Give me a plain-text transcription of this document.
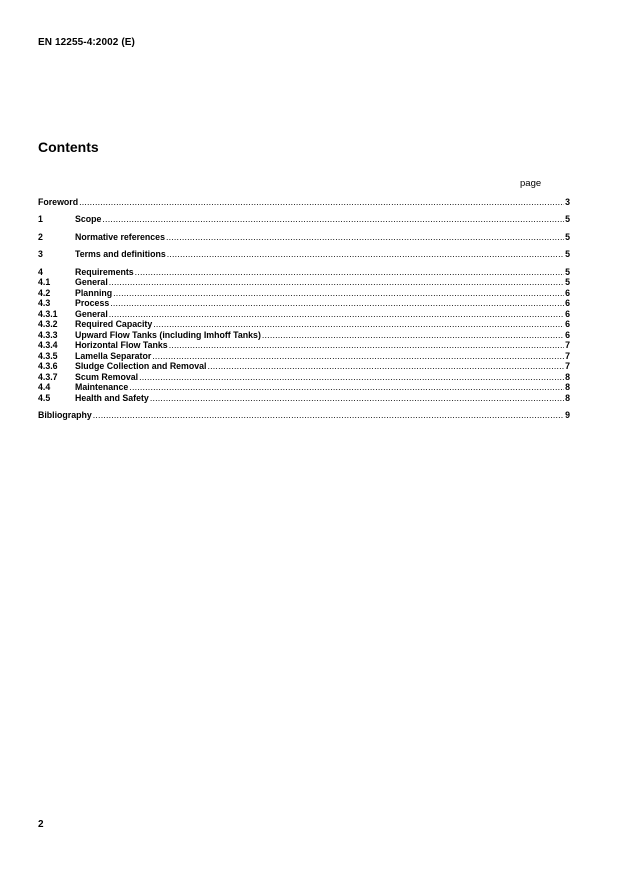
EN 12255-4:2002 (E)
Contents
page
Foreword .....	3
1	Scope .....	5
2	Normative references .....	5
3	Terms and definitions .....	5
4	Requirements .....	5
4.1	General .....	5
4.2	Planning .....	6
4.3	Process .....	6
4.3.1	General .....	6
4.3.2	Required Capacity .....	6
4.3.3	Upward Flow Tanks (including Imhoff Tanks) .....	6
4.3.4	Horizontal Flow Tanks .....	7
4.3.5	Lamella Separator .....	7
4.3.6	Sludge Collection and Removal .....	7
4.3.7	Scum Removal .....	8
4.4	Maintenance .....	8
4.5	Health and Safety .....	8
Bibliography .....	9
2
